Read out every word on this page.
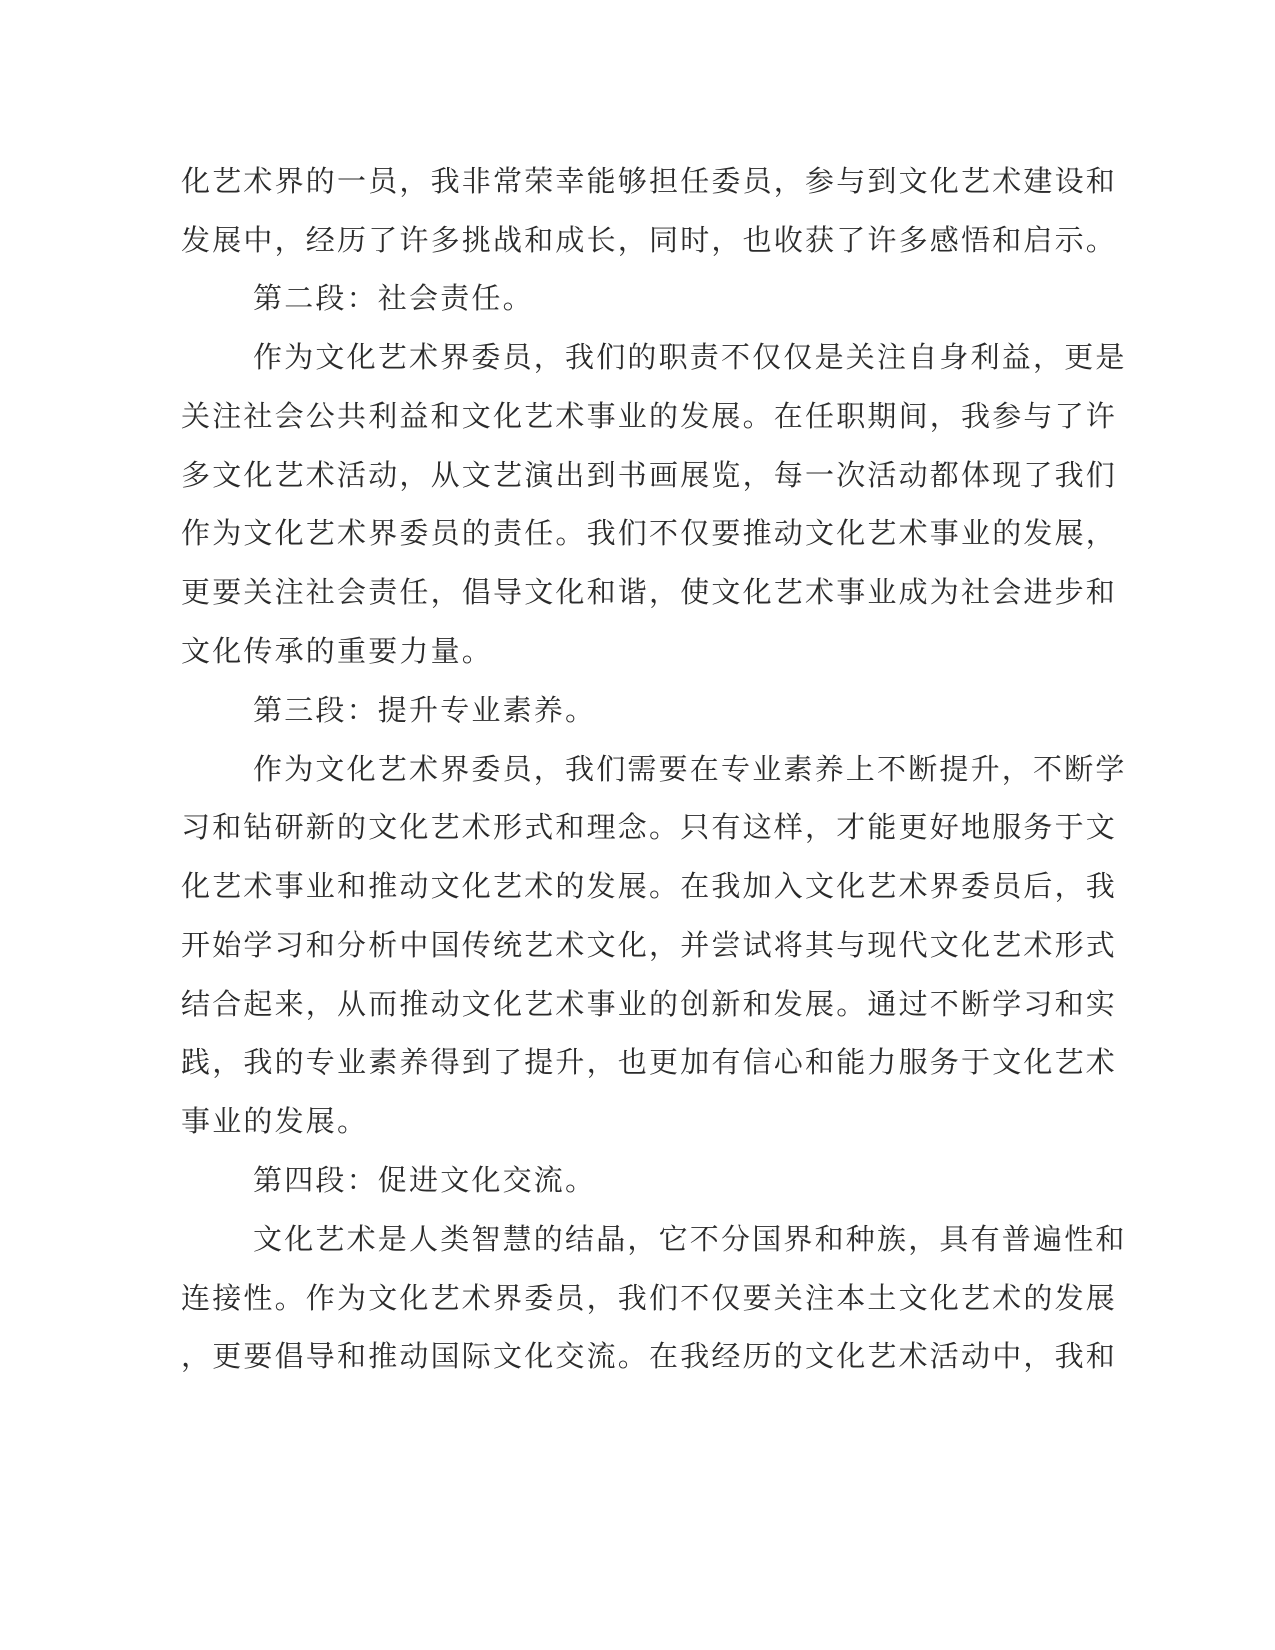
化艺术界的一员，我非常荣幸能够担任委员，参与到文化艺术建设和
发展中，经历了许多挑战和成长，同时，也收获了许多感悟和启示。
第二段：社会责任。
作为文化艺术界委员，我们的职责不仅仅是关注自身利益，更是
关注社会公共利益和文化艺术事业的发展。在任职期间，我参与了许
多文化艺术活动，从文艺演出到书画展览，每一次活动都体现了我们
作为文化艺术界委员的责任。我们不仅要推动文化艺术事业的发展，
更要关注社会责任，倡导文化和谐，使文化艺术事业成为社会进步和
文化传承的重要力量。
第三段：提升专业素养。
作为文化艺术界委员，我们需要在专业素养上不断提升，不断学
习和钻研新的文化艺术形式和理念。只有这样，才能更好地服务于文
化艺术事业和推动文化艺术的发展。在我加入文化艺术界委员后，我
开始学习和分析中国传统艺术文化，并尝试将其与现代文化艺术形式
结合起来，从而推动文化艺术事业的创新和发展。通过不断学习和实
践，我的专业素养得到了提升，也更加有信心和能力服务于文化艺术
事业的发展。
第四段：促进文化交流。
文化艺术是人类智慧的结晶，它不分国界和种族，具有普遍性和
连接性。作为文化艺术界委员，我们不仅要关注本土文化艺术的发展
，更要倡导和推动国际文化交流。在我经历的文化艺术活动中，我和
